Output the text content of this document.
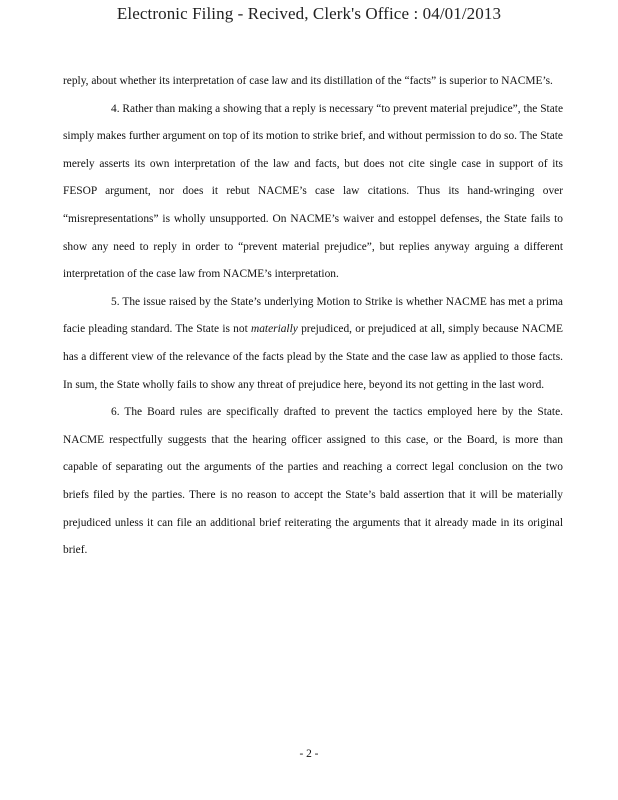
Electronic Filing - Recived, Clerk's Office : 04/01/2013

reply, about whether its interpretation of case law and its distillation of the “facts” is superior to NACME’s.

4. Rather than making a showing that a reply is necessary “to prevent material prejudice”, the State simply makes further argument on top of its motion to strike brief, and without permission to do so. The State merely asserts its own interpretation of the law and facts, but does not cite single case in support of its FESOP argument, nor does it rebut NACME’s case law citations. Thus its hand-wringing over “misrepresentations” is wholly unsupported. On NACME’s waiver and estoppel defenses, the State fails to show any need to reply in order to “prevent material prejudice”, but replies anyway arguing a different interpretation of the case law from NACME’s interpretation.

5. The issue raised by the State’s underlying Motion to Strike is whether NACME has met a prima facie pleading standard. The State is not materially prejudiced, or prejudiced at all, simply because NACME has a different view of the relevance of the facts plead by the State and the case law as applied to those facts. In sum, the State wholly fails to show any threat of prejudice here, beyond its not getting in the last word.

6. The Board rules are specifically drafted to prevent the tactics employed here by the State. NACME respectfully suggests that the hearing officer assigned to this case, or the Board, is more than capable of separating out the arguments of the parties and reaching a correct legal conclusion on the two briefs filed by the parties. There is no reason to accept the State’s bald assertion that it will be materially prejudiced unless it can file an additional brief reiterating the arguments that it already made in its original brief.

- 2 -
